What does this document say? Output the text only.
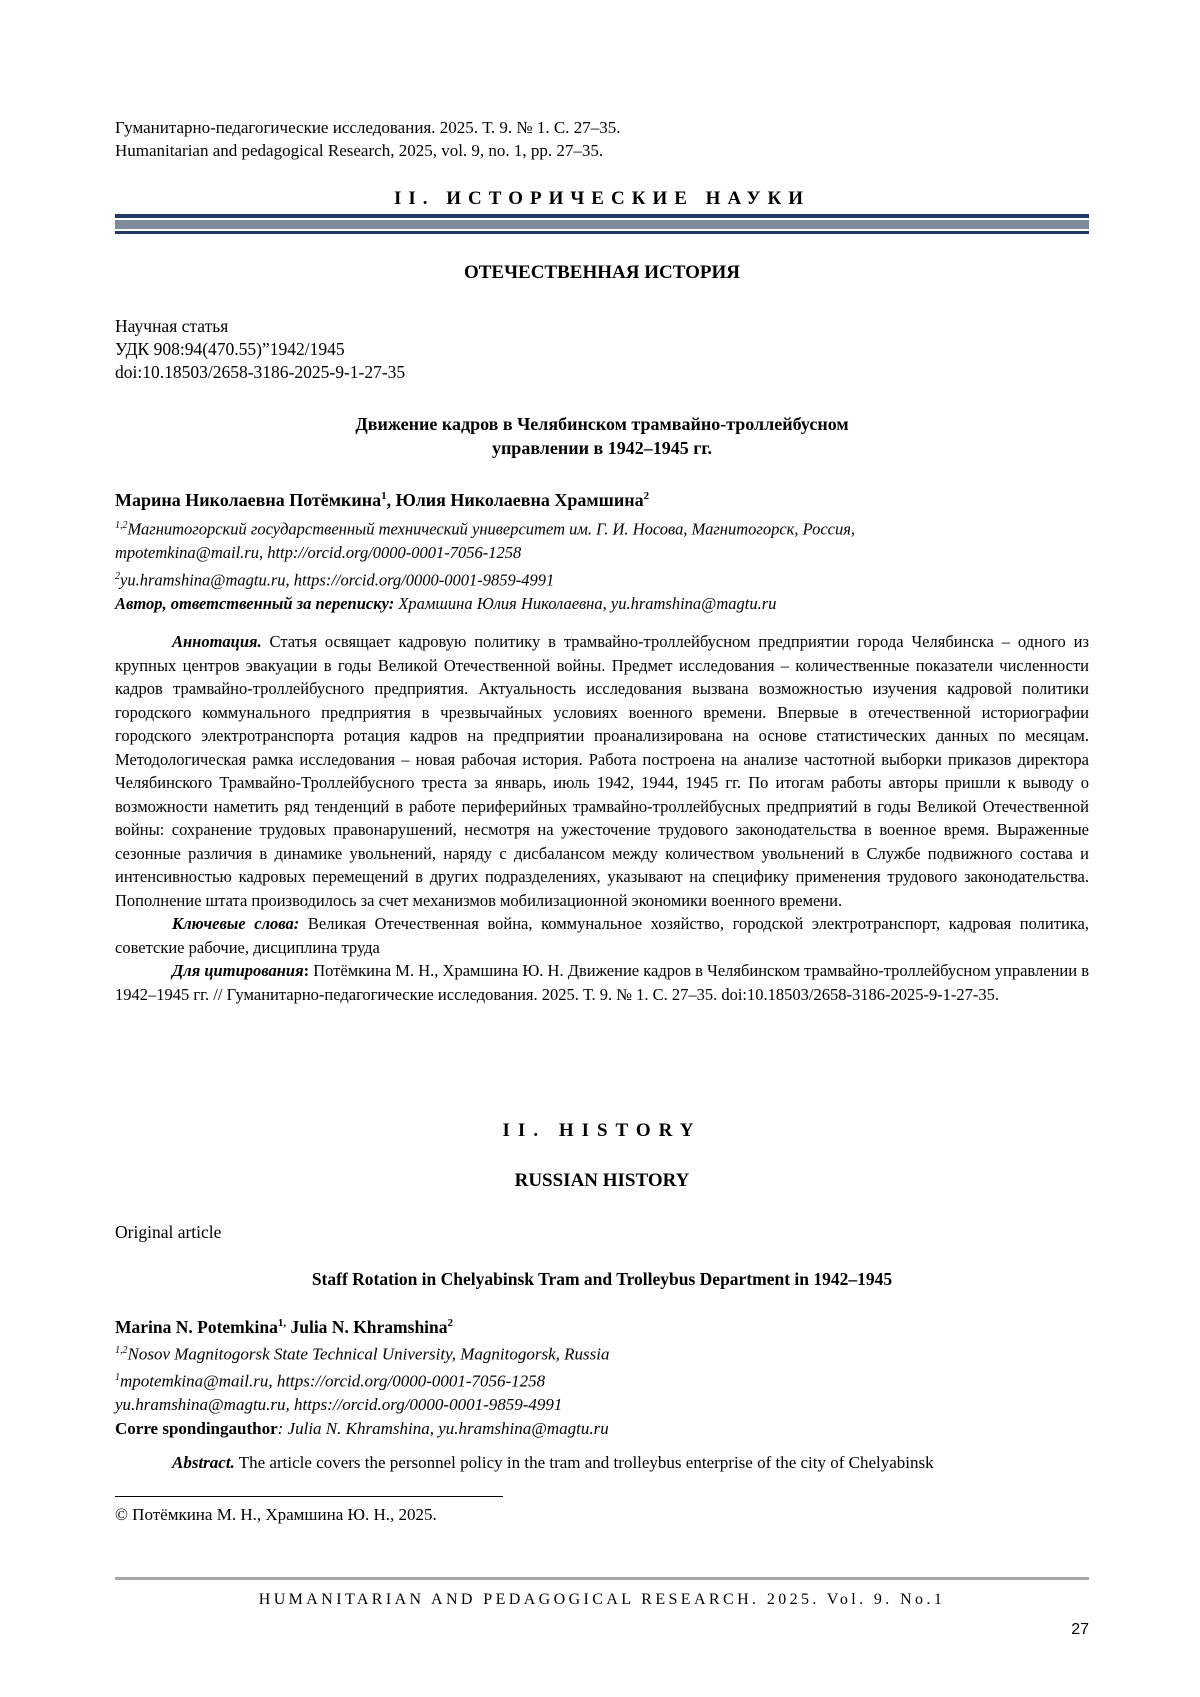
Гуманитарно-педагогические исследования. 2025. Т. 9. № 1. С. 27–35.
Humanitarian and pedagogical Research, 2025, vol. 9, no. 1, pp. 27–35.
II. ИСТОРИЧЕСКИЕ НАУКИ
ОТЕЧЕСТВЕННАЯ ИСТОРИЯ
Научная статья
УДК 908:94(470.55)”1942/1945
doi:10.18503/2658-3186-2025-9-1-27-35
Движение кадров в Челябинском трамвайно-троллейбусном
управлении в 1942–1945 гг.
Марина Николаевна Потёмкина$^1$, Юлия Николаевна Храмшина$^2$
$^{1,2}$Магнитогорский государственный технический университет им. Г. И. Носова, Магнитогорск, Россия,
mpotemkina@mail.ru, http://orcid.org/0000-0001-7056-1258
$^2$yu.hramshina@magtu.ru, https://orcid.org/0000-0001-9859-4991
Автор, ответственный за переписку: Храмшина Юлия Николаевна, yu.hramshina@magtu.ru

Аннотация. Статья освящает кадровую политику в трамвайно-троллейбусном предприятии города Челябинска – одного из крупных центров эвакуации в годы Великой Отечественной войны. Предмет исследования – количественные показатели численности кадров трамвайно-троллейбусного предприятия. Актуальность исследования вызвана возможностью изучения кадровой политики городского коммунального предприятия в чрезвычайных условиях военного времени. Впервые в отечественной историографии городского электротранспорта ротация кадров на предприятии проанализирована на основе статистических данных по месяцам. Методологическая рамка исследования – новая рабочая история. Работа построена на анализе частотной выборки приказов директора Челябинского Трамвайно-Троллейбусного треста за январь, июль 1942, 1944, 1945 гг. По итогам работы авторы пришли к выводу о возможности наметить ряд тенденций в работе периферийных трамвайно-троллейбусных предприятий в годы Великой Отечественной войны: сохранение трудовых правонарушений, несмотря на ужесточение трудового законодательства в военное время. Выраженные сезонные различия в динамике увольнений, наряду с дисбалансом между количеством увольнений в Службе подвижного состава и интенсивностью кадровых перемещений в других подразделениях, указывают на специфику применения трудового законодательства. Пополнение штата производилось за счет механизмов мобилизационной экономики военного времени.

Ключевые слова: Великая Отечественная война, коммунальное хозяйство, городской электротранспорт, кадровая политика, советские рабочие, дисциплина труда

Для цитирования: Потёмкина М. Н., Храмшина Ю. Н. Движение кадров в Челябинском трамвайно-троллейбусном управлении в 1942–1945 гг. // Гуманитарно-педагогические исследования. 2025. Т. 9. № 1. С. 27–35. doi:10.18503/2658-3186-2025-9-1-27-35.

II. HISTORY
RUSSIAN HISTORY
Original article
Staff Rotation in Chelyabinsk Tram and Trolleybus Department in 1942–1945
Marina N. Potemkina$^{1,}$ Julia N. Khramshina$^2$
$^{1,2}$Nosov Magnitogorsk State Technical University, Magnitogorsk, Russia
$^1$mpotemkina@mail.ru, https://orcid.org/0000-0001-7056-1258
yu.hramshina@magtu.ru, https://orcid.org/0000-0001-9859-4991
Corre spondingauthor: Julia N. Khramshina, yu.hramshina@magtu.ru
Abstract. The article covers the personnel policy in the tram and trolleybus enterprise of the city of Chelyabinsk
© Потёмкина М. Н., Храмшина Ю. Н., 2025.
HUMANITARIAN AND PEDAGOGICAL RESEARCH. 2025. Vol. 9. No.1
27
